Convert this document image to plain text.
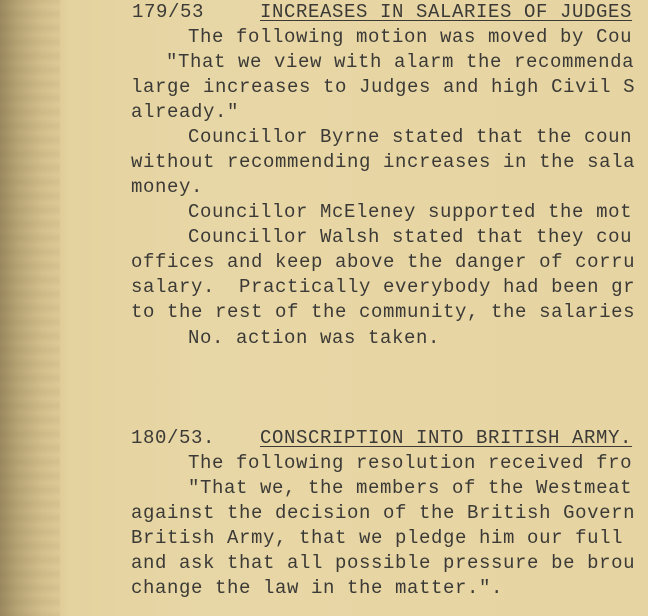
179/53	INCREASES IN SALARIES OF JUDGES
The following motion was moved by Cou
"That we view with alarm the recommenda
large increases to Judges and high Civil S
already."
Councillor Byrne stated that the coun
without recommending increases in the sala
money.
Councillor McEleney supported the mot
Councillor Walsh stated that they cou
offices and keep above the danger of corru
salary.  Practically everybody had been gr
to the rest of the community, the salaries
No. action was taken.
180/53. CONSCRIPTION INTO BRITISH ARMY.
The following resolution received fro
"That we, the members of the Westmeat
against the decision of the British Govern
British Army, that we pledge him our full
and ask that all possible pressure be brou
change the law in the matter.".
